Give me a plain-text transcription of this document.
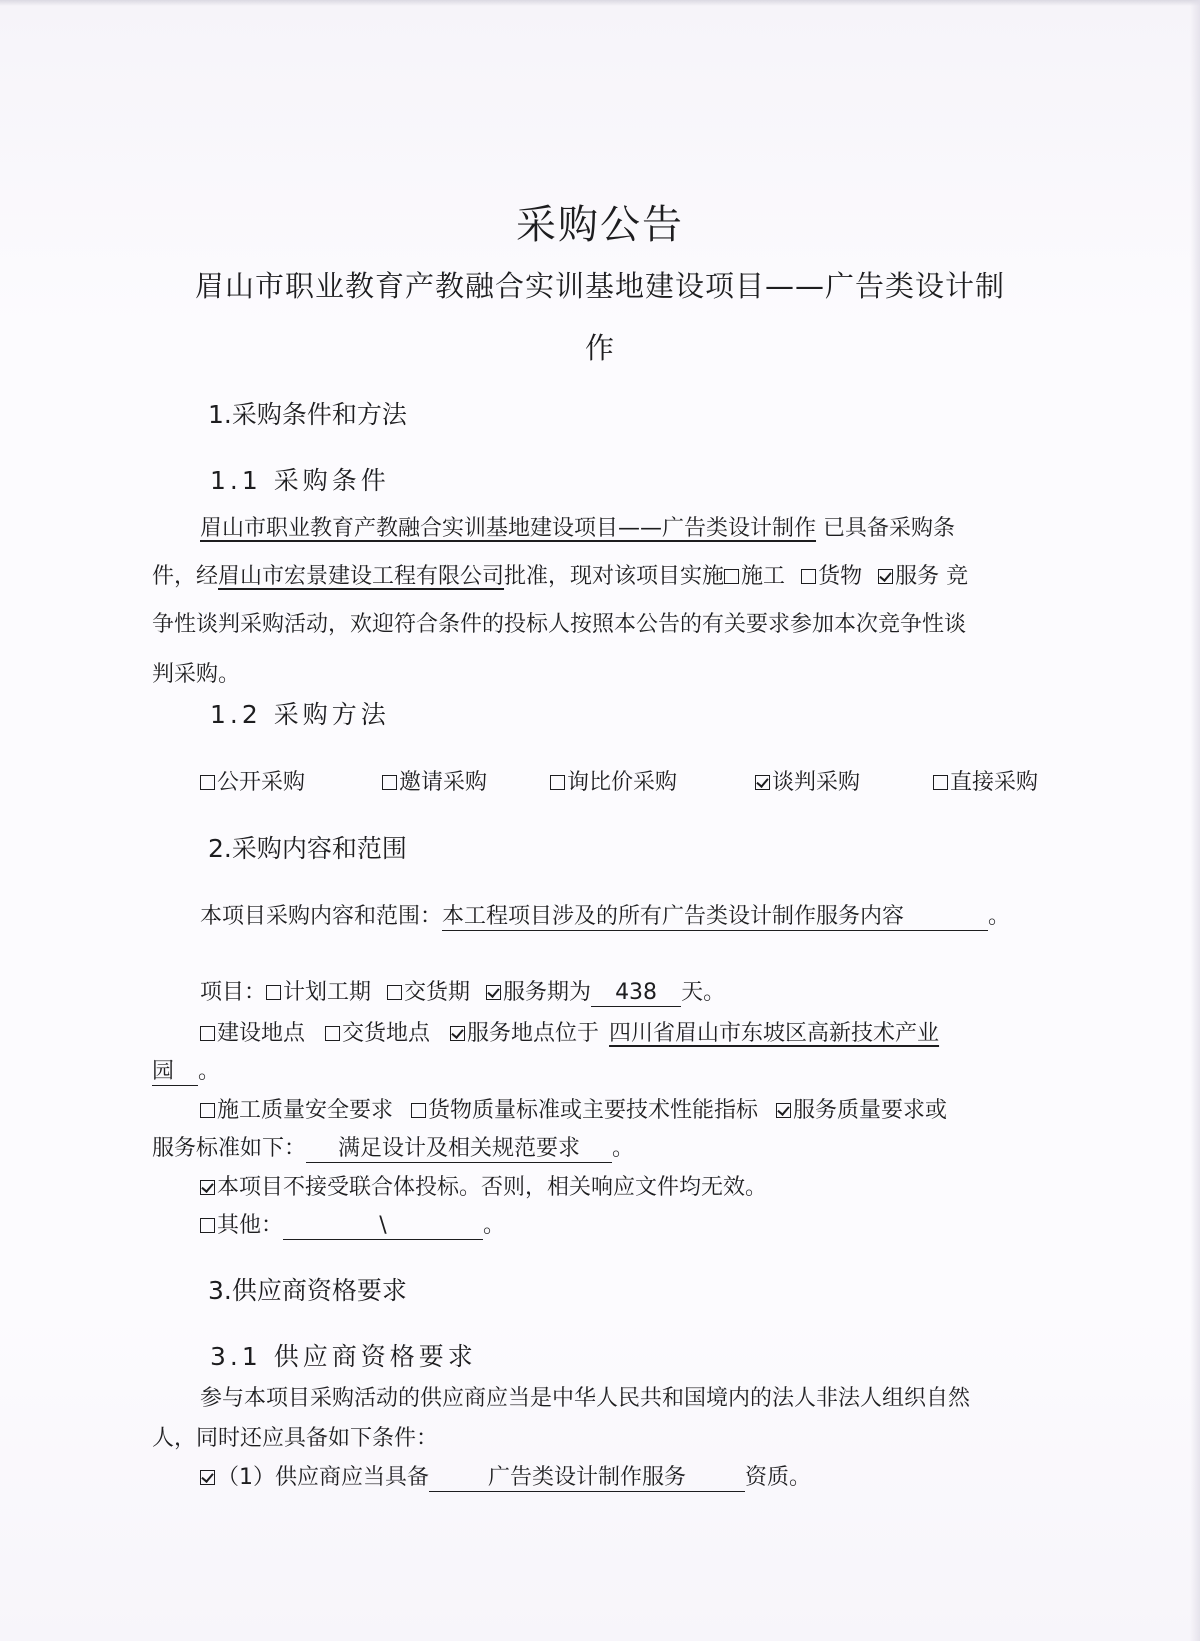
采购公告
眉山市职业教育产教融合实训基地建设项目——广告类设计制
作
1.采购条件和方法
1.1 采购条件
眉山市职业教育产教融合实训基地建设项目——广告类设计制作 已具备采购条
件，经眉山市宏景建设工程有限公司批准，现对该项目实施 施工 货物 服务 竞
争性谈判采购活动，欢迎符合条件的投标人按照本公告的有关要求参加本次竞争性谈
判采购。
1.2 采购方法
公开采购	邀请采购	询比价采购	谈判采购	直接采购
2.采购内容和范围
本项目采购内容和范围：本工程项目涉及的所有广告类设计制作服务内容	。
项目： 计划工期 交货期 服务期为 438 天。
建设地点 交货地点 服务地点位于 四川省眉山市东坡区高新技术产业
园 。
施工质量安全要求 货物质量标准或主要技术性能指标 服务质量要求或
服务标准如下： 满足设计及相关规范要求 。
本项目不接受联合体投标。否则，相关响应文件均无效。
其他：	\	。
3.供应商资格要求
3.1 供应商资格要求
参与本项目采购活动的供应商应当是中华人民共和国境内的法人非法人组织自然
人，同时还应具备如下条件：
（1）供应商应当具备	广告类设计制作服务	资质。
